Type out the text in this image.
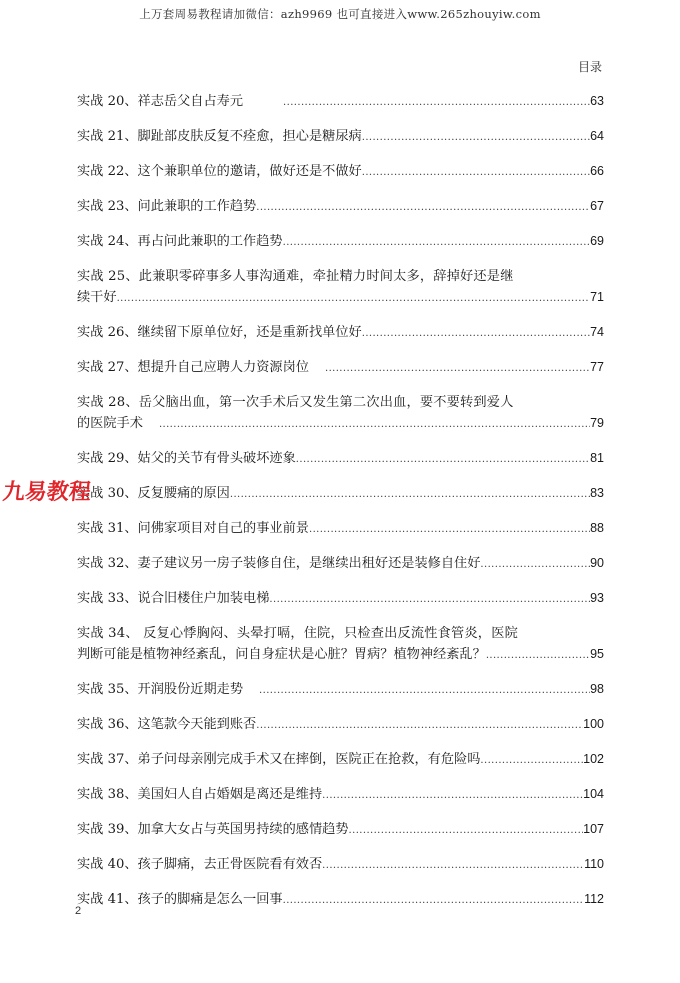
上万套周易教程请加微信：azh9969 也可直接进入www.265zhouyiw.com
目录
实战 20、祥志岳父自占寿元 .....	63
实战 21、脚趾部皮肤反复不痊愈，担心是糖尿病 .....	64
实战 22、这个兼职单位的邀请，做好还是不做好 .....	66
实战 23、问此兼职的工作趋势 .....	67
实战 24、再占问此兼职的工作趋势 .....	69
实战 25、此兼职零碎事多人事沟通难，牵扯精力时间太多，辞掉好还是继
续干好 .....	71
实战 26、继续留下原单位好，还是重新找单位好 .....	74
实战 27、想提升自己应聘人力资源岗位 .....	77
实战 28、岳父脑出血，第一次手术后又发生第二次出血，要不要转到爱人
的医院手术 .....	79
实战 29、姑父的关节有骨头破坏迹象 .....	81
实战 30、反复腰痛的原因 .....	83
实战 31、问佛家项目对自己的事业前景 .....	88
实战 32、妻子建议另一房子装修自住，是继续出租好还是装修自住好 .....	90
实战 33、说合旧楼住户加装电梯 .....	93
实战 34、 反复心悸胸闷、头晕打嗝，住院，只检查出反流性食管炎，医院
判断可能是植物神经紊乱，问自身症状是心脏？胃病？植物神经紊乱？ .....	95
实战 35、开润股份近期走势 .....	98
实战 36、这笔款今天能到账否 .....	100
实战 37、弟子问母亲刚完成手术又在摔倒，医院正在抢救，有危险吗 .....	102
实战 38、美国妇人自占婚姻是离还是维持 .....	104
实战 39、加拿大女占与英国男持续的感情趋势 .....	107
实战 40、孩子脚痛，去正骨医院看有效否 .....	110
实战 41、孩子的脚痛是怎么一回事 .....	112
九易教程
2
